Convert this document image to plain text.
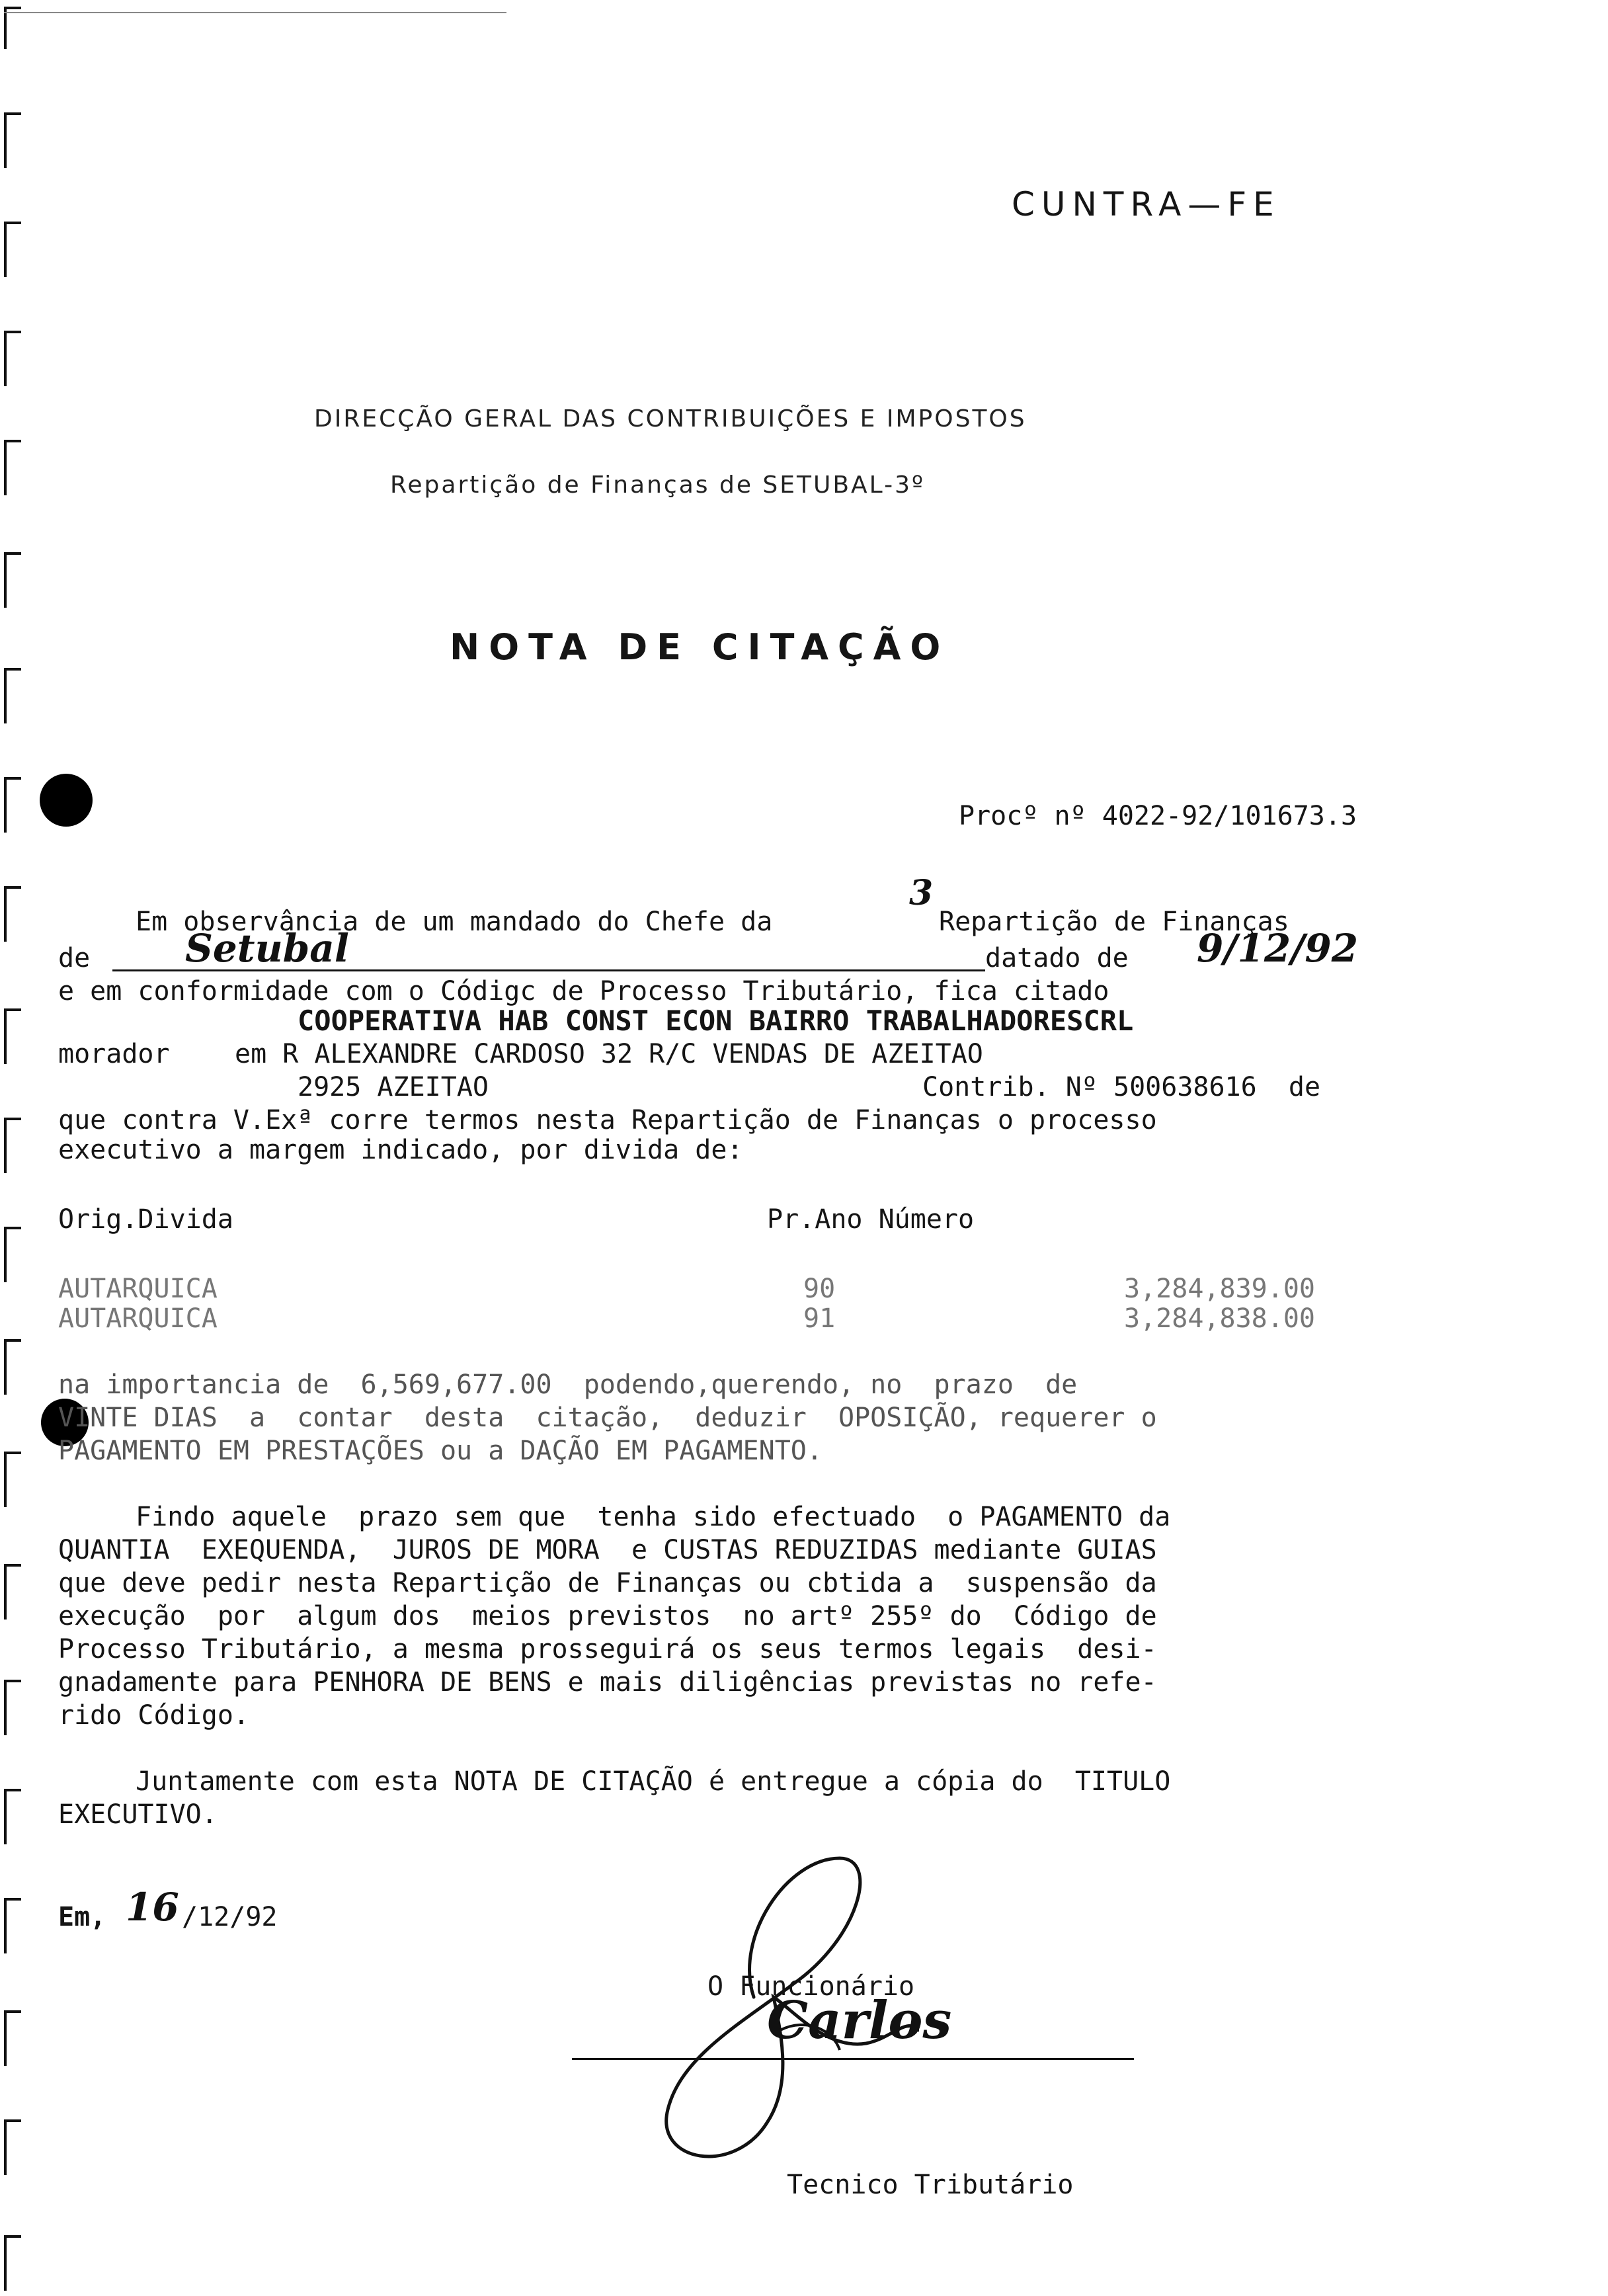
CUNTRA—FE
DIRECÇÃO GERAL DAS CONTRIBUIÇÕES E IMPOSTOS
Repartição de Finanças de SETUBAL-3º
NOTA DE CITAÇÃO
Procº nº 4022-92/101673.3
Em observância de um mandado do Chefe da	Repartição de Finanças
3
de Setubal	datado de 9/12/92
e em conformidade com o Códigc de Processo Tributário, fica citado
COOPERATIVA HAB CONST ECON BAIRRO TRABALHADORESCRL
morador em R ALEXANDRE CARDOSO 32 R/C VENDAS DE AZEITAO
2925 AZEITAO	Contrib. Nº 500638616  de
que contra V.Exª corre termos nesta Repartição de Finanças o processo
executivo a margem indicado, por divida de:
Orig.Divida	Pr.Ano Número
AUTARQUICA	90	3,284,839.00
AUTARQUICA	91	3,284,838.00
na importancia de  6,569,677.00  podendo,querendo, no  prazo  de
VINTE DIAS  a  contar  desta  citação,  deduzir  OPOSIÇÃO, requerer o
PAGAMENTO EM PRESTAÇÕES ou a DAÇÃO EM PAGAMENTO.
Findo aquele  prazo sem que  tenha sido efectuado  o PAGAMENTO da
QUANTIA  EXEQUENDA,  JUROS DE MORA  e CUSTAS REDUZIDAS mediante GUIAS
que deve pedir nesta Repartição de Finanças ou cbtida a  suspensão da
execução  por  algum dos  meios previstos  no artº 255º do  Código de
Processo Tributário, a mesma prosseguirá os seus termos legais  desi-
gnadamente para PENHORA DE BENS e mais diligências previstas no refe-
rido Código.
Juntamente com esta NOTA DE CITAÇÃO é entregue a cópia do  TITULO
EXECUTIVO.
Em, 16 /12/92
O Funcionário
Carlos
Tecnico Tributário
